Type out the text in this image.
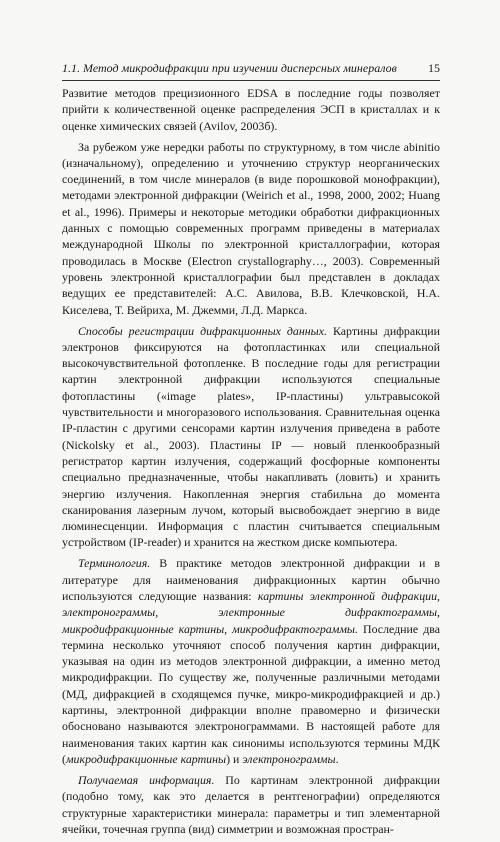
1.1. Метод микродифракции при изучении дисперсных минералов	15

Развитие методов прецизионного EDSA в последние годы позволяет прийти к количественной оценке распределения ЭСП в кристаллах и к оценке химических связей (Avilov, 2003б).

За рубежом уже нередки работы по структурному, в том числе abinitio (изначальному), определению и уточнению структур неорганических соединений, в том числе минералов (в виде порошковой монофракции), методами электронной дифракции (Weirich et al., 1998, 2000, 2002; Huang et al., 1996). Примеры и некоторые методики обработки дифракционных данных с помощью современных программ приведены в материалах международной Школы по электронной кристаллографии, которая проводилась в Москве (Electron crystallography…, 2003). Современный уровень электронной кристаллографии был представлен в докладах ведущих ее представителей: А.С. Авилова, В.В. Клечковской, Н.А. Киселева, Т. Вейриха, М. Джемми, Л.Д. Маркса.

Способы регистрации дифракционных данных. Картины дифракции электронов фиксируются на фотопластинках или специальной высокочувствительной фотопленке. В последние годы для регистрации картин электронной дифракции используются специальные фотопластины («image plates», IP-пластины) ультравысокой чувствительности и многоразового использования. Сравнительная оценка IP-пластин с другими сенсорами картин излучения приведена в работе (Nickolsky et al., 2003). Пластины IP — новый пленкообразный регистратор картин излучения, содержащий фосфорные компоненты специально предназначенные, чтобы накапливать (ловить) и хранить энергию излучения. Накопленная энергия стабильна до момента сканирования лазерным лучом, который высвобождает энергию в виде люминесценции. Информация с пластин считывается специальным устройством (IP-reader) и хранится на жестком диске компьютера.

Терминология. В практике методов электронной дифракции и в литературе для наименования дифракционных картин обычно используются следующие названия: картины электронной дифракции, электронограммы, электронные дифрактограммы, микродифракционные картины, микродифрактограммы. Последние два термина несколько уточняют способ получения картин дифракции, указывая на один из методов электронной дифракции, а именно метод микродифракции. По существу же, полученные различными методами (МД, дифракцией в сходящемся пучке, микро-микродифракцией и др.) картины, электронной дифракции вполне правомерно и физически обосновано называются электронограммами. В настоящей работе для наименования таких картин как синонимы используются термины МДК (микродифракционные картины) и электронограммы.

Получаемая информация. По картинам электронной дифракции (подобно тому, как это делается в рентгенографии) определяются структурные характеристики минерала: параметры и тип элементарной ячейки, точечная группа (вид) симметрии и возможная простран-
